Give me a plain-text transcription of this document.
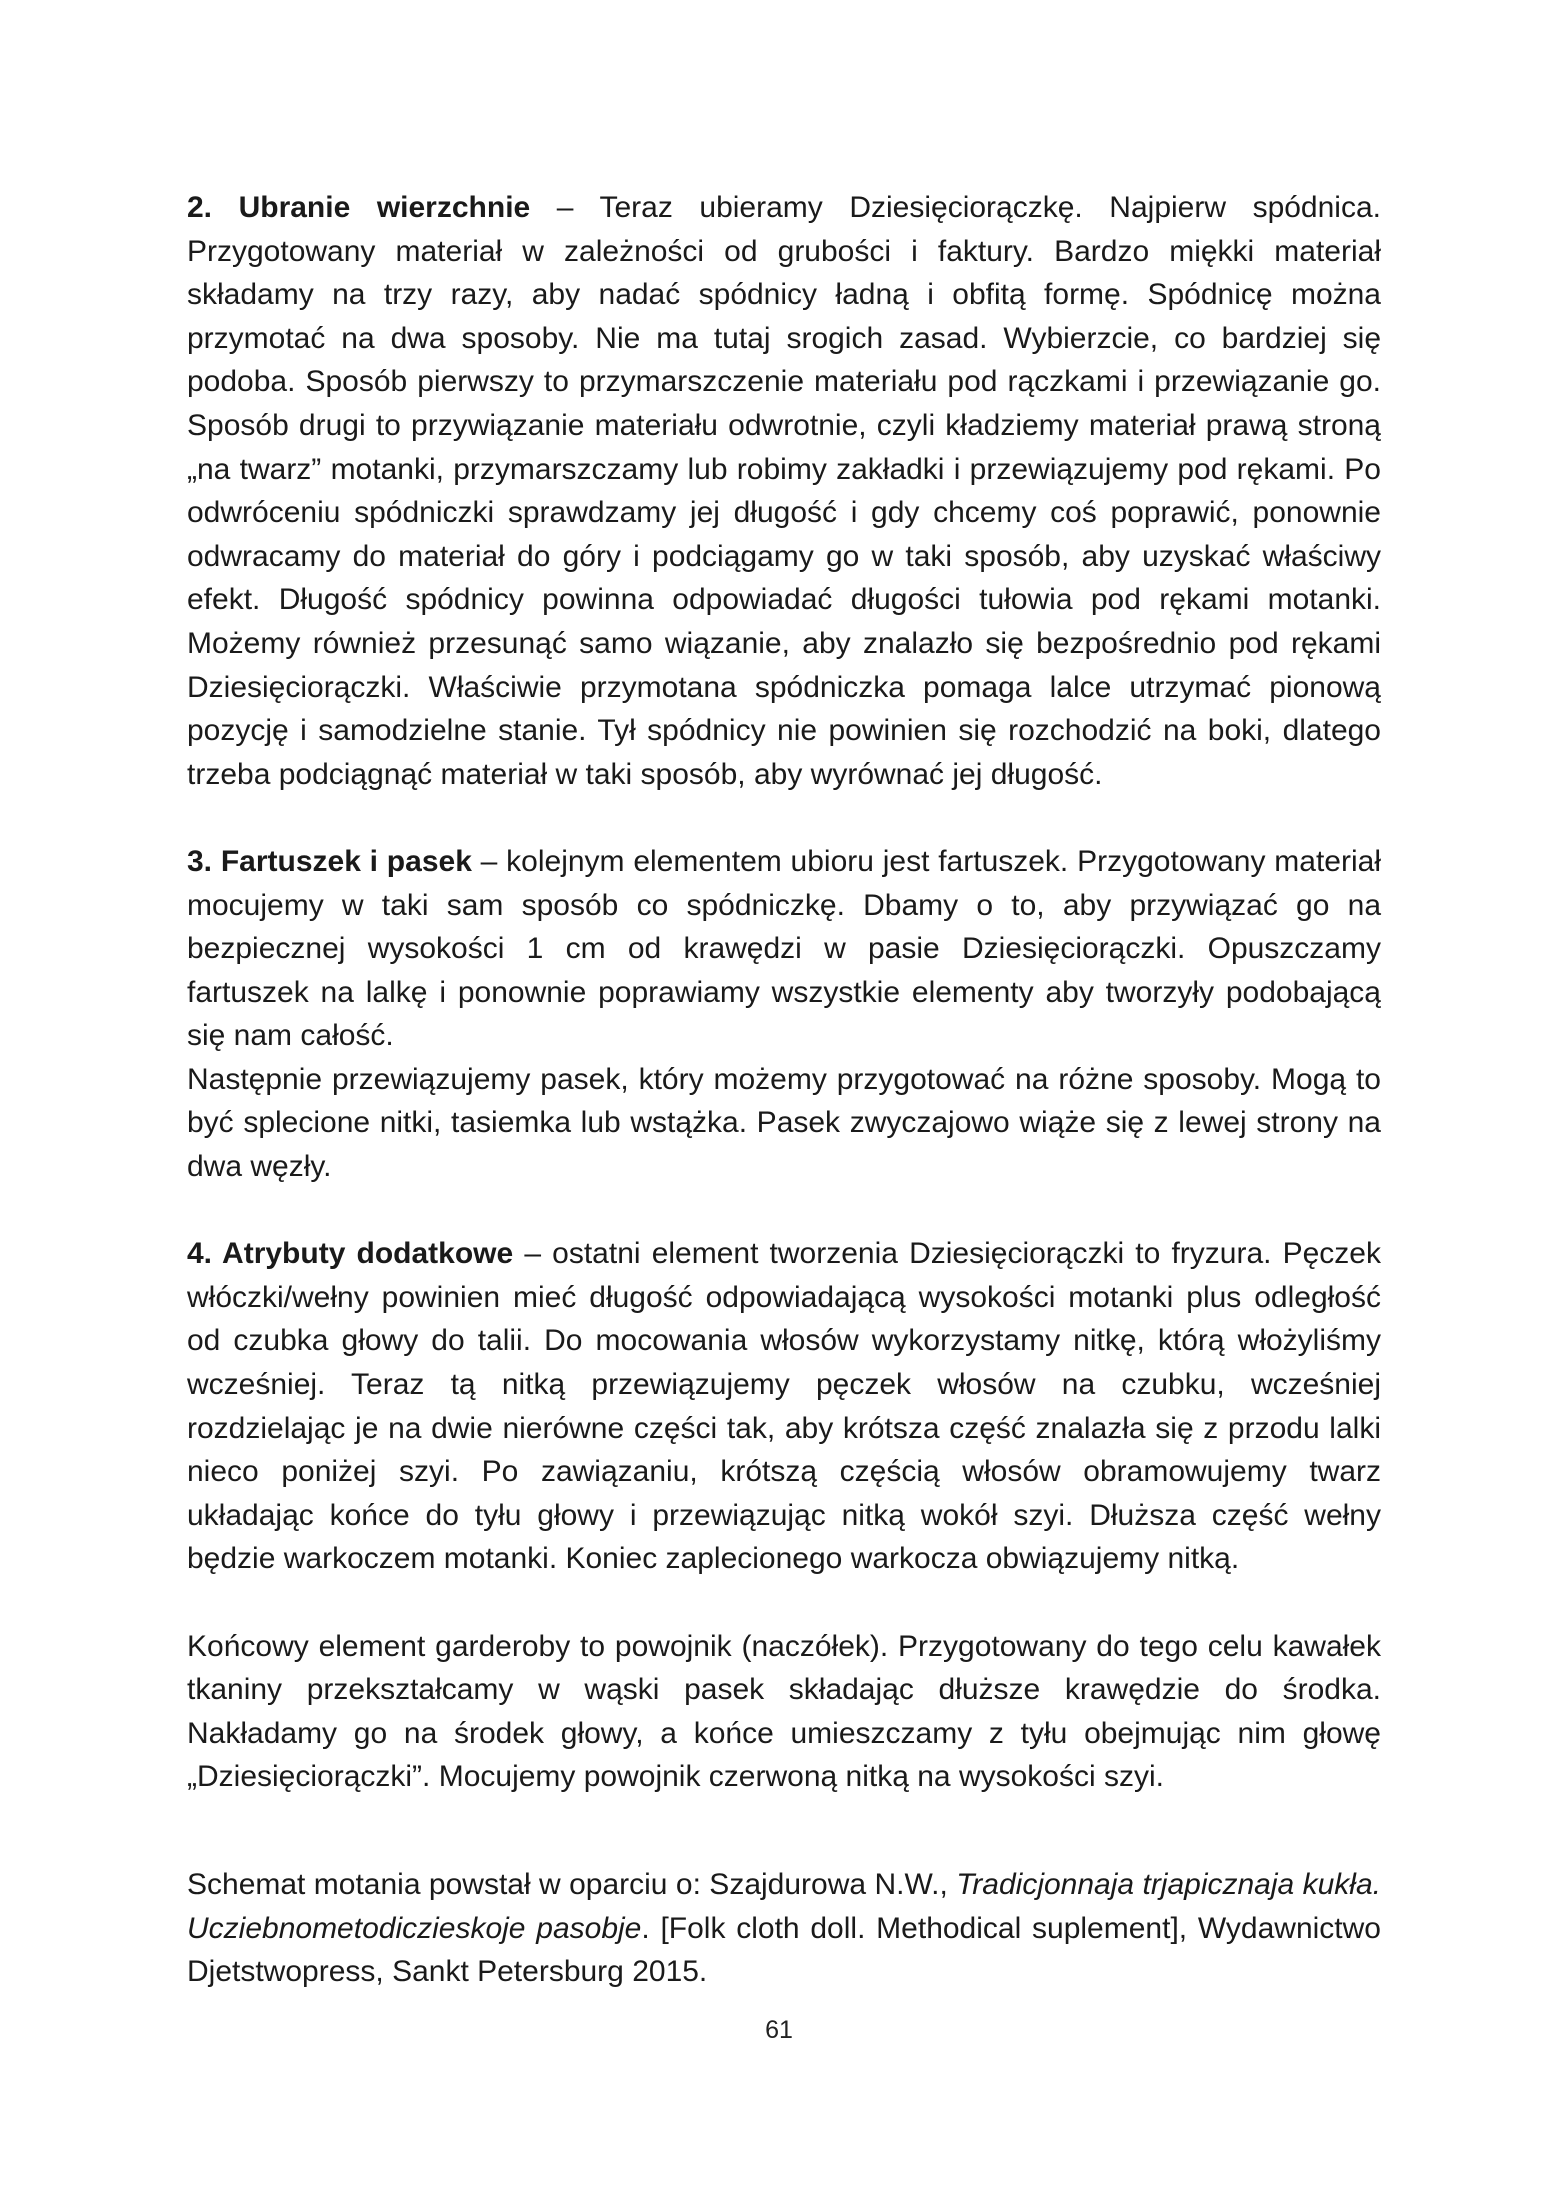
2. Ubranie wierzchnie – Teraz ubieramy Dziesięciorączkę. Najpierw spódnica. Przygotowany materiał w zależności od grubości i faktury. Bardzo miękki materiał składamy na trzy razy, aby nadać spódnicy ładną i obfitą formę. Spódnicę można przymotać na dwa sposoby. Nie ma tutaj srogich zasad. Wybierzcie, co bardziej się podoba. Sposób pierwszy to przymarszczenie materiału pod rączkami i przewiązanie go. Sposób drugi to przywiązanie materiału odwrotnie, czyli kładziemy materiał prawą stroną „na twarz” motanki, przymarszczamy lub robimy zakładki i przewiązujemy pod rękami. Po odwróceniu spódniczki sprawdzamy jej długość i gdy chcemy coś poprawić, ponownie odwracamy do materiał do góry i podciągamy go w taki sposób, aby uzyskać właściwy efekt. Długość spódnicy powinna odpowiadać długości tułowia pod rękami motanki. Możemy również przesunąć samo wiązanie, aby znalazło się bezpośrednio pod rękami Dziesięciorączki. Właściwie przymotana spódniczka pomaga lalce utrzymać pionową pozycję i samodzielne stanie. Tył spódnicy nie powinien się rozchodzić na boki, dlatego trzeba podciągnąć materiał w taki sposób, aby wyrównać jej długość.

3. Fartuszek i pasek – kolejnym elementem ubioru jest fartuszek. Przygotowany materiał mocujemy w taki sam sposób co spódniczkę. Dbamy o to, aby przywiązać go na bezpiecznej wysokości 1 cm od krawędzi w pasie Dziesięciorączki. Opuszczamy fartuszek na lalkę i ponownie poprawiamy wszystkie elementy aby tworzyły podobającą się nam całość.

Następnie przewiązujemy pasek, który możemy przygotować na różne sposoby. Mogą to być splecione nitki, tasiemka lub wstążka. Pasek zwyczajowo wiąże się z lewej strony na dwa węzły.

4. Atrybuty dodatkowe – ostatni element tworzenia Dziesięciorączki to fryzura. Pęczek włóczki/wełny powinien mieć długość odpowiadającą wysokości motanki plus odległość od czubka głowy do talii. Do mocowania włosów wykorzystamy nitkę, którą włożyliśmy wcześniej. Teraz tą nitką przewiązujemy pęczek włosów na czubku, wcześniej rozdzielając je na dwie nierówne części tak, aby krótsza część znalazła się z przodu lalki nieco poniżej szyi. Po zawiązaniu, krótszą częścią włosów obramowujemy twarz układając końce do tyłu głowy i przewiązując nitką wokół szyi. Dłuższa część wełny będzie warkoczem motanki. Koniec zaplecionego warkocza obwiązujemy nitką.

Końcowy element garderoby to powojnik (naczółek). Przygotowany do tego celu kawałek tkaniny przekształcamy w wąski pasek składając dłuższe krawędzie do środka. Nakładamy go na środek głowy, a końce umieszczamy z tyłu obejmując nim głowę „Dziesięciorączki”. Mocujemy powojnik czerwoną nitką na wysokości szyi.

Schemat motania powstał w oparciu o: Szajdurowa N.W., Tradicjonnaja trjapicznaja kukła. Ucziebnometodiczieskoje pasobje. [Folk cloth doll. Methodical suplement], Wydawnictwo Djetstwopress, Sankt Petersburg 2015.

61
